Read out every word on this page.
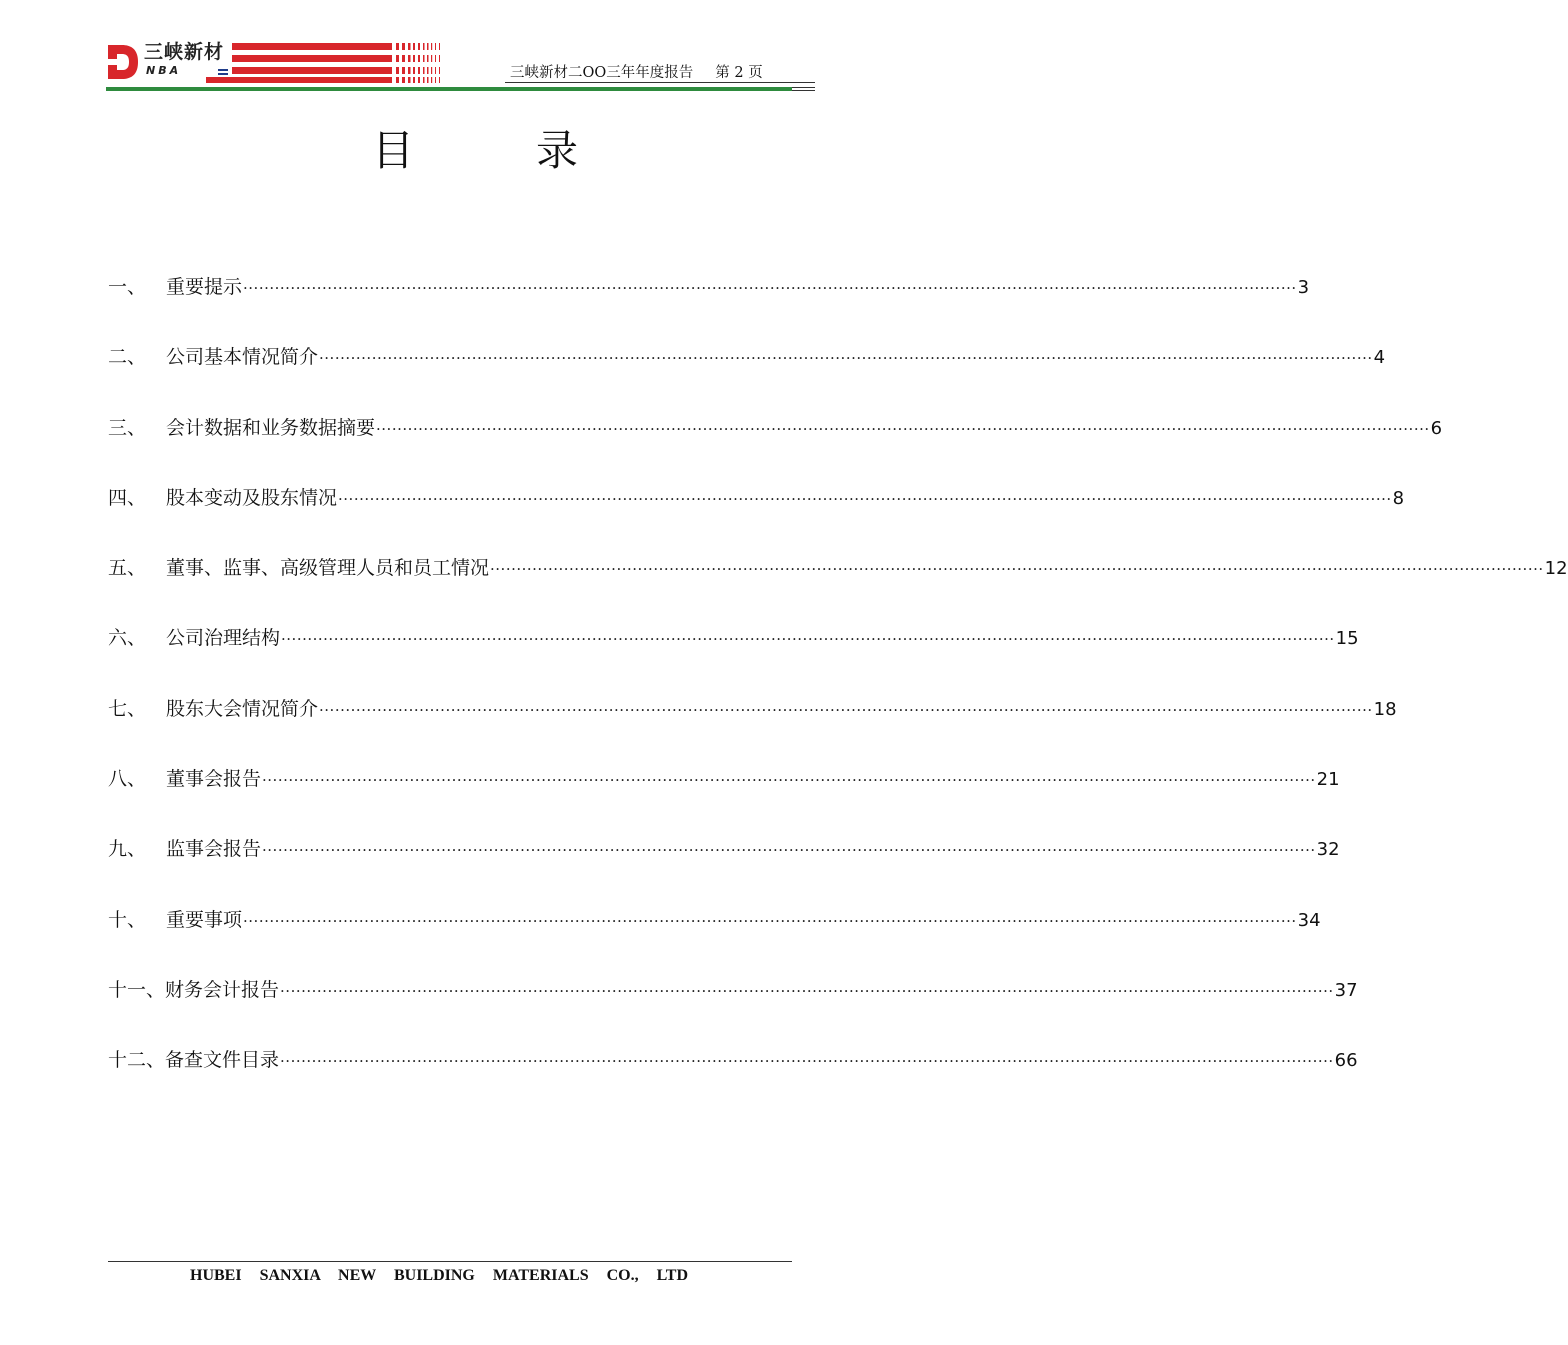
三峡新材
NBA	三峡新材二OO三年年度报告 第 2 页
目	录
一、	重要提示 ········································································································································································································ 3
二、	公司基本情况简介 ········································································································································································································ 4
三、	会计数据和业务数据摘要 ········································································································································································································ 6
四、	股本变动及股东情况 ········································································································································································································ 8
五、	董事、监事、高级管理人员和员工情况 ········································································································································································································ 12
六、	公司治理结构 ········································································································································································································ 15
七、	股东大会情况简介 ········································································································································································································ 18
八、	董事会报告 ········································································································································································································ 21
九、	监事会报告 ········································································································································································································ 32
十、	重要事项 ········································································································································································································ 34
十一、 财务会计报告 ········································································································································································································ 37
十二、 备查文件目录 ········································································································································································································ 66
HUBEI SANXIA NEW BUILDING MATERIALS CO., LTD
